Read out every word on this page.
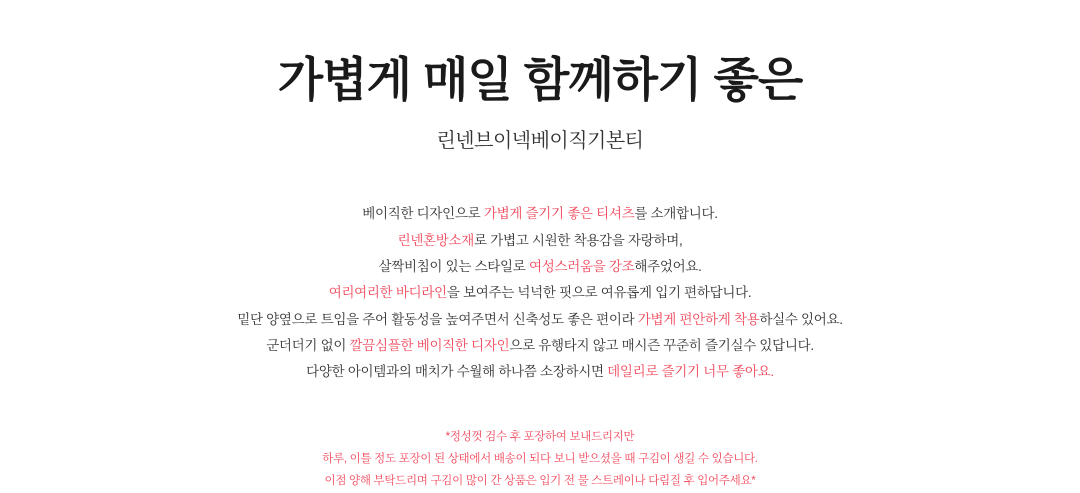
가볍게 매일 함께하기 좋은
린넨브이넥베이직기본티
베이직한 디자인으로 가볍게 즐기기 좋은 티셔츠를 소개합니다.
린넨혼방소재로 가볍고 시원한 착용감을 자랑하며,
살짝비침이 있는 스타일로 여성스러움을 강조해주었어요.
여리여리한 바디라인을 보여주는 넉넉한 핏으로 여유롭게 입기 편하답니다.
밑단 양옆으로 트임을 주어 활동성을 높여주면서 신축성도 좋은 편이라 가볍게 편안하게 착용하실수 있어요.
군더더기 없이 깔끔심플한 베이직한 디자인으로 유행타지 않고 매시즌 꾸준히 즐기실수 있답니다.
다양한 아이템과의 매치가 수월해 하나쯤 소장하시면 데일리로 즐기기 너무 좋아요.
*정성껏 검수 후 포장하여 보내드리지만
하루, 이틀 정도 포장이 된 상태에서 배송이 되다 보니 받으셨을 때 구김이 생길 수 있습니다.
이점 양해 부탁드리며 구김이 많이 간 상품은 입기 전 물 스트레이나 다림질 후 입어주세요*
